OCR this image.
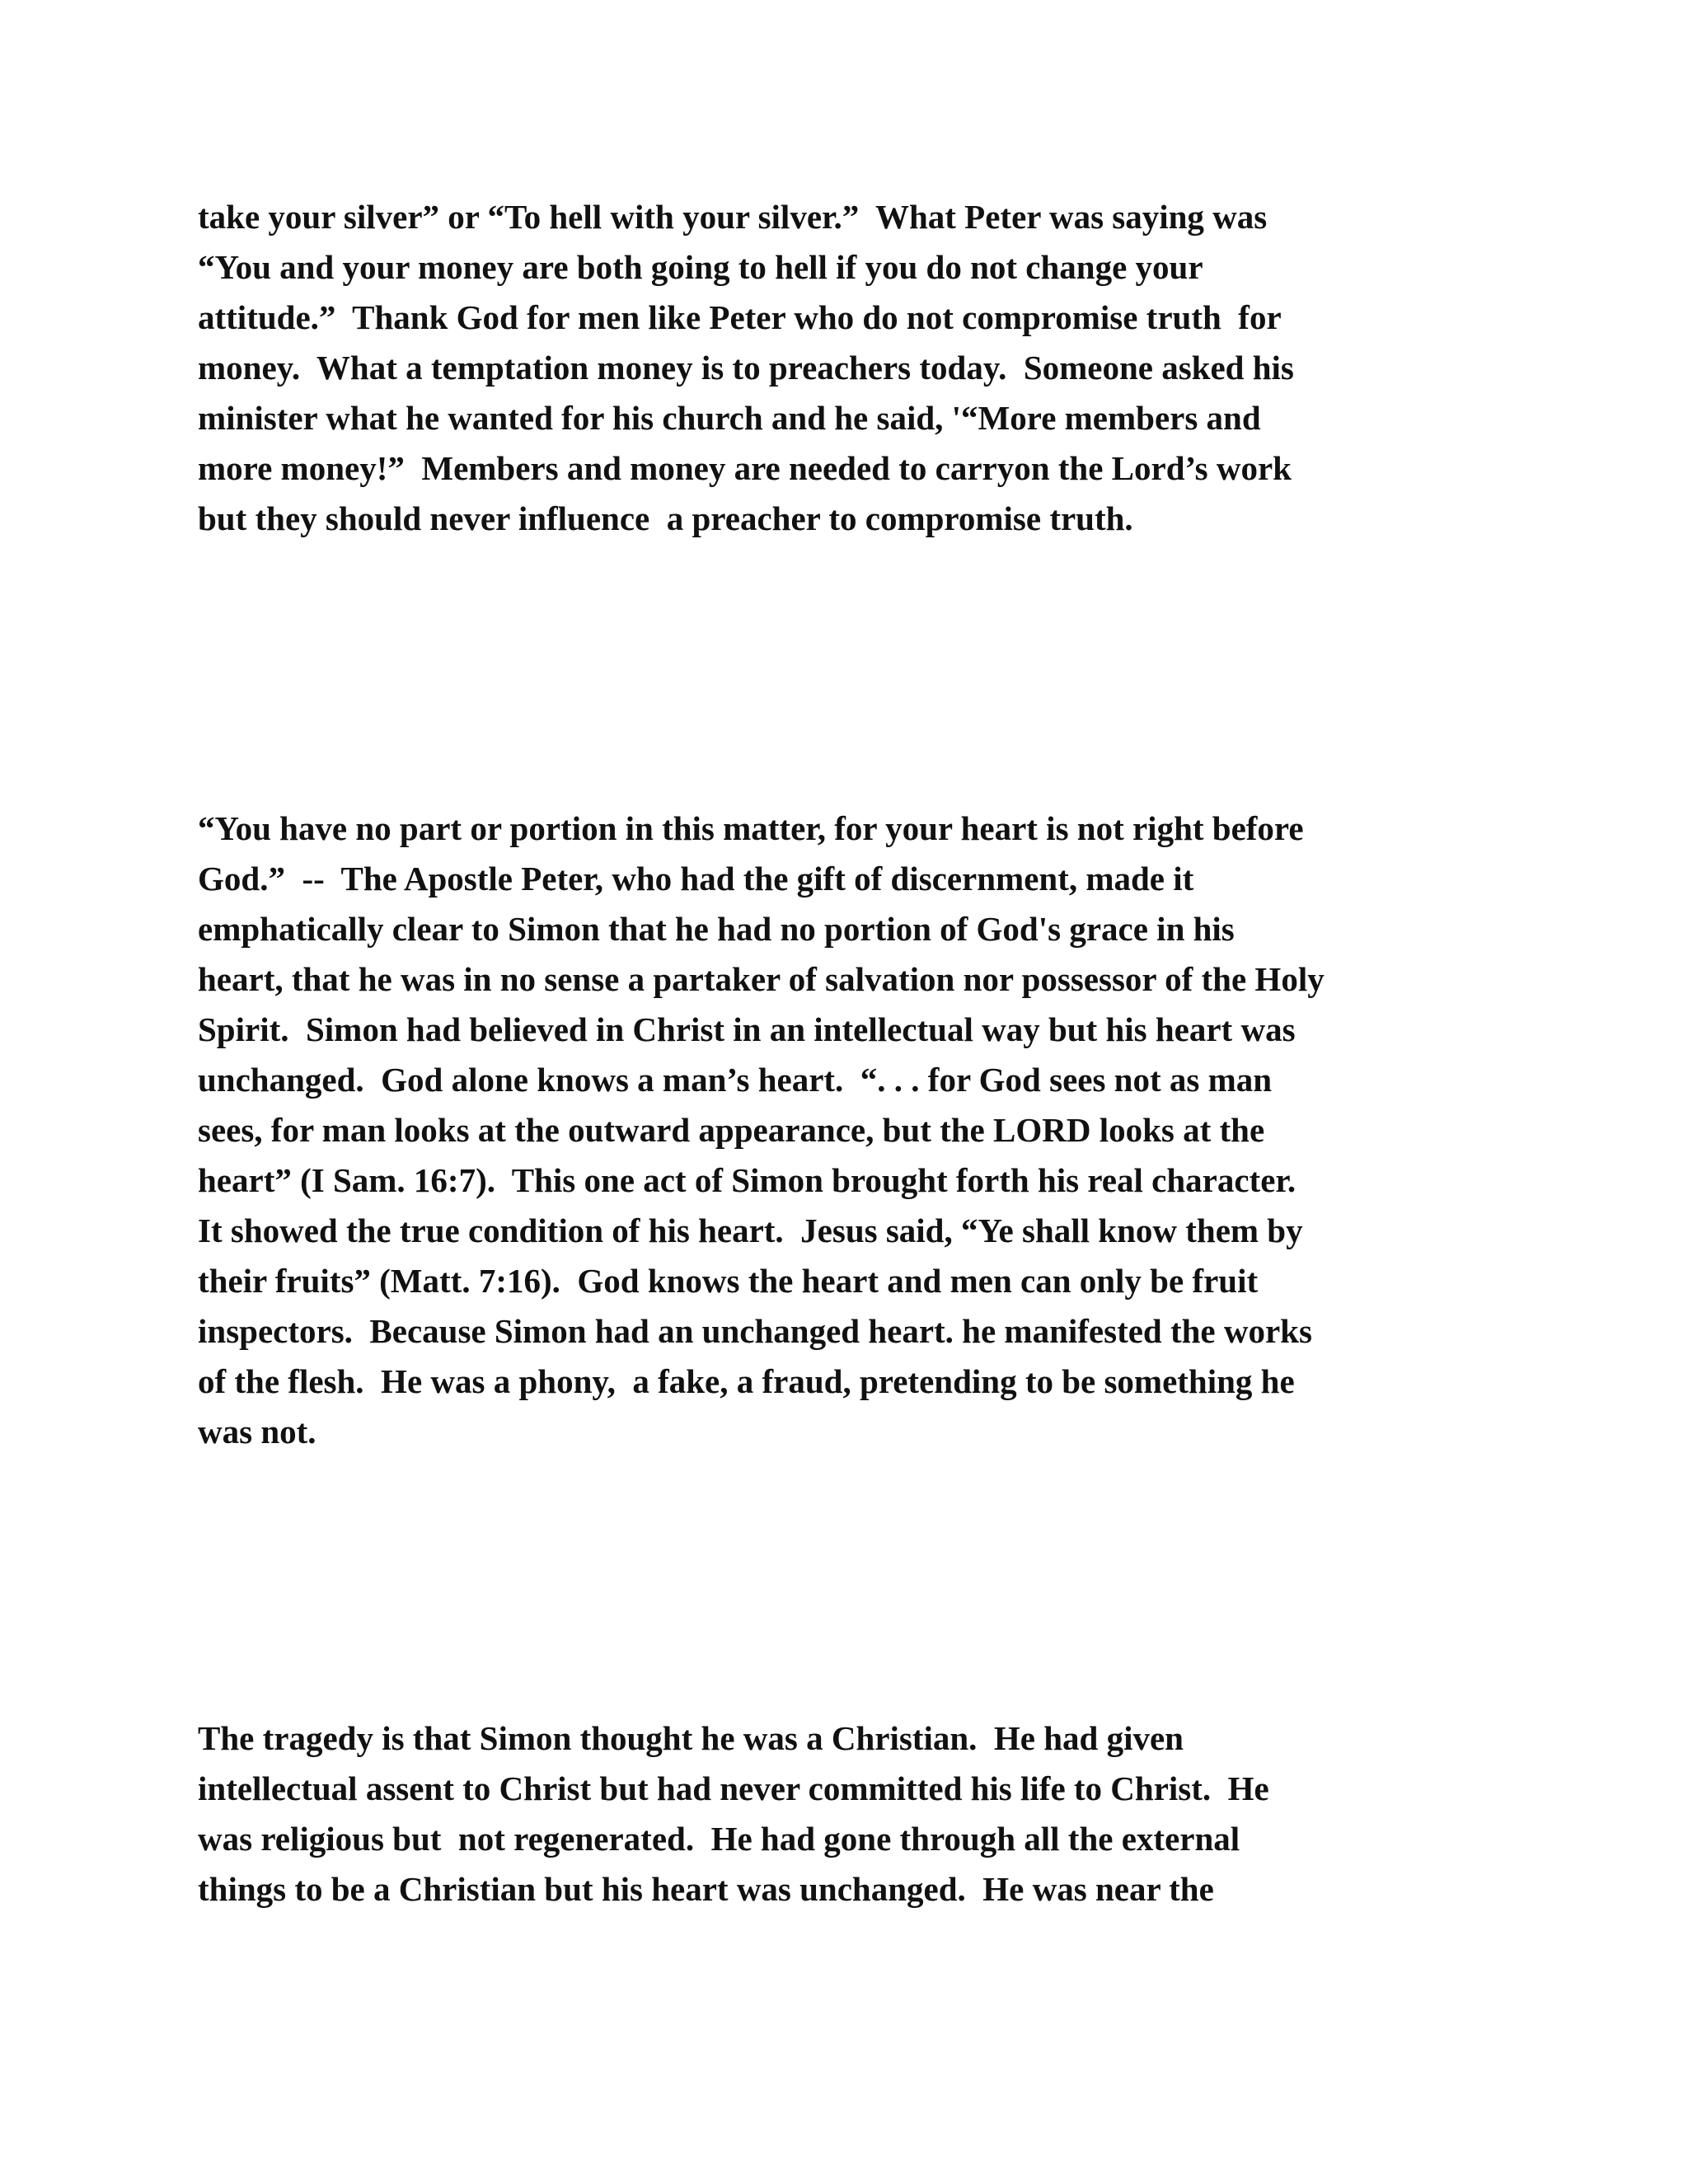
take your silver” or “To hell with your silver.”  What Peter was saying was
“You and your money are both going to hell if you do not change your
attitude.”  Thank God for men like Peter who do not compromise truth  for
money.  What a temptation money is to preachers today.  Someone asked his
minister what he wanted for his church and he said, '“More members and
more money!”  Members and money are needed to carryon the Lord’s work
but they should never influence  a preacher to compromise truth.

“You have no part or portion in this matter, for your heart is not right before
God.”  --  The Apostle Peter, who had the gift of discernment, made it
emphatically clear to Simon that he had no portion of God's grace in his
heart, that he was in no sense a partaker of salvation nor possessor of the Holy
Spirit.  Simon had believed in Christ in an intellectual way but his heart was
unchanged.  God alone knows a man’s heart.  “. . . for God sees not as man
sees, for man looks at the outward appearance, but the LORD looks at the
heart” (I Sam. 16:7).  This one act of Simon brought forth his real character.
It showed the true condition of his heart.  Jesus said, “Ye shall know them by
their fruits” (Matt. 7:16).  God knows the heart and men can only be fruit
inspectors.  Because Simon had an unchanged heart. he manifested the works
of the flesh.  He was a phony,  a fake, a fraud, pretending to be something he
was not.

The tragedy is that Simon thought he was a Christian.  He had given
intellectual assent to Christ but had never committed his life to Christ.  He
was religious but  not regenerated.  He had gone through all the external
things to be a Christian but his heart was unchanged.  He was near the
